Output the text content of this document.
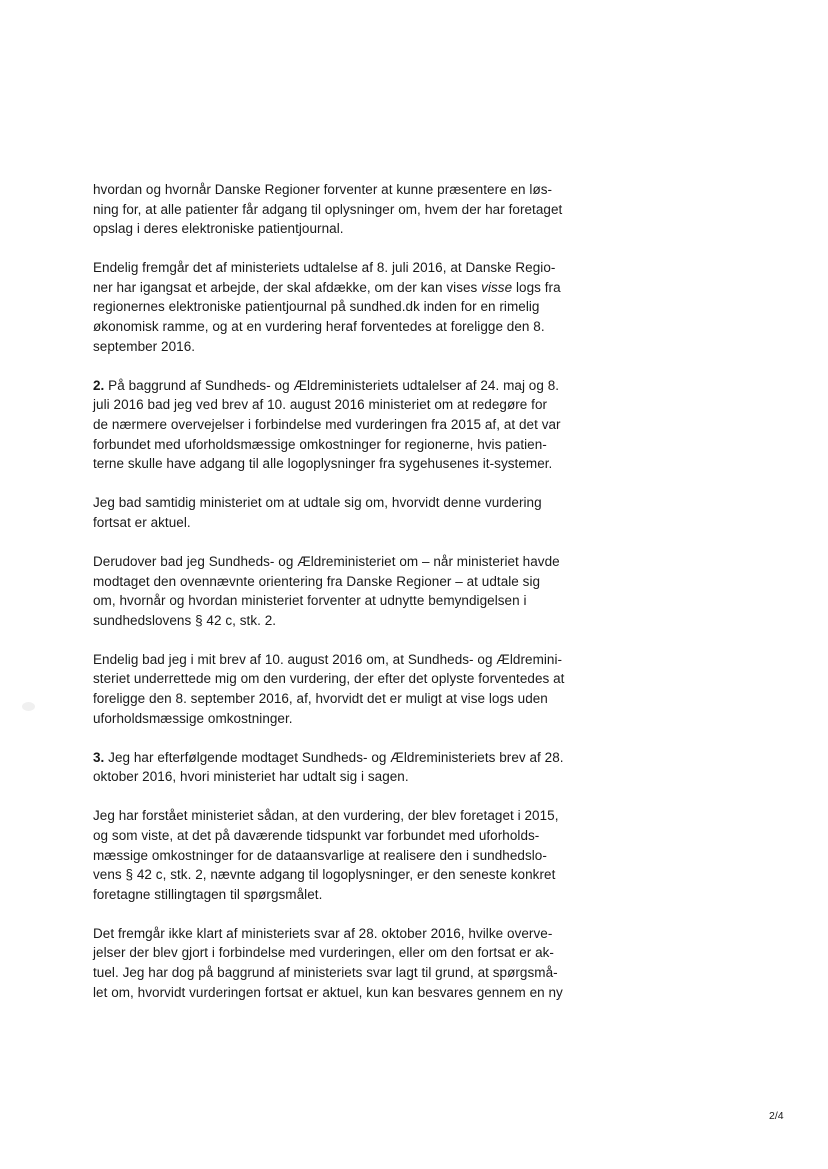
hvordan og hvornår Danske Regioner forventer at kunne præsentere en løs-
ning for, at alle patienter får adgang til oplysninger om, hvem der har foretaget
opslag i deres elektroniske patientjournal.

Endelig fremgår det af ministeriets udtalelse af 8. juli 2016, at Danske Regio-
ner har igangsat et arbejde, der skal afdække, om der kan vises visse logs fra
regionernes elektroniske patientjournal på sundhed.dk inden for en rimelig
økonomisk ramme, og at en vurdering heraf forventedes at foreligge den 8.
september 2016.

2. På baggrund af Sundheds- og Ældreministeriets udtalelser af 24. maj og 8.
juli 2016 bad jeg ved brev af 10. august 2016 ministeriet om at redegøre for
de nærmere overvejelser i forbindelse med vurderingen fra 2015 af, at det var
forbundet med uforholdsmæssige omkostninger for regionerne, hvis patien-
terne skulle have adgang til alle logoplysninger fra sygehusenes it-systemer.

Jeg bad samtidig ministeriet om at udtale sig om, hvorvidt denne vurdering
fortsat er aktuel.

Derudover bad jeg Sundheds- og Ældreministeriet om – når ministeriet havde
modtaget den ovennævnte orientering fra Danske Regioner – at udtale sig
om, hvornår og hvordan ministeriet forventer at udnytte bemyndigelsen i
sundhedslovens § 42 c, stk. 2.

Endelig bad jeg i mit brev af 10. august 2016 om, at Sundheds- og Ældremini-
steriet underrettede mig om den vurdering, der efter det oplyste forventedes at
foreligge den 8. september 2016, af, hvorvidt det er muligt at vise logs uden
uforholdsmæssige omkostninger.

3. Jeg har efterfølgende modtaget Sundheds- og Ældreministeriets brev af 28.
oktober 2016, hvori ministeriet har udtalt sig i sagen.

Jeg har forstået ministeriet sådan, at den vurdering, der blev foretaget i 2015,
og som viste, at det på daværende tidspunkt var forbundet med uforholds-
mæssige omkostninger for de dataansvarlige at realisere den i sundhedslo-
vens § 42 c, stk. 2, nævnte adgang til logoplysninger, er den seneste konkret
foretagne stillingtagen til spørgsmålet.

Det fremgår ikke klart af ministeriets svar af 28. oktober 2016, hvilke overve-
jelser der blev gjort i forbindelse med vurderingen, eller om den fortsat er ak-
tuel. Jeg har dog på baggrund af ministeriets svar lagt til grund, at spørgsmå-
let om, hvorvidt vurderingen fortsat er aktuel, kun kan besvares gennem en ny

2/4
